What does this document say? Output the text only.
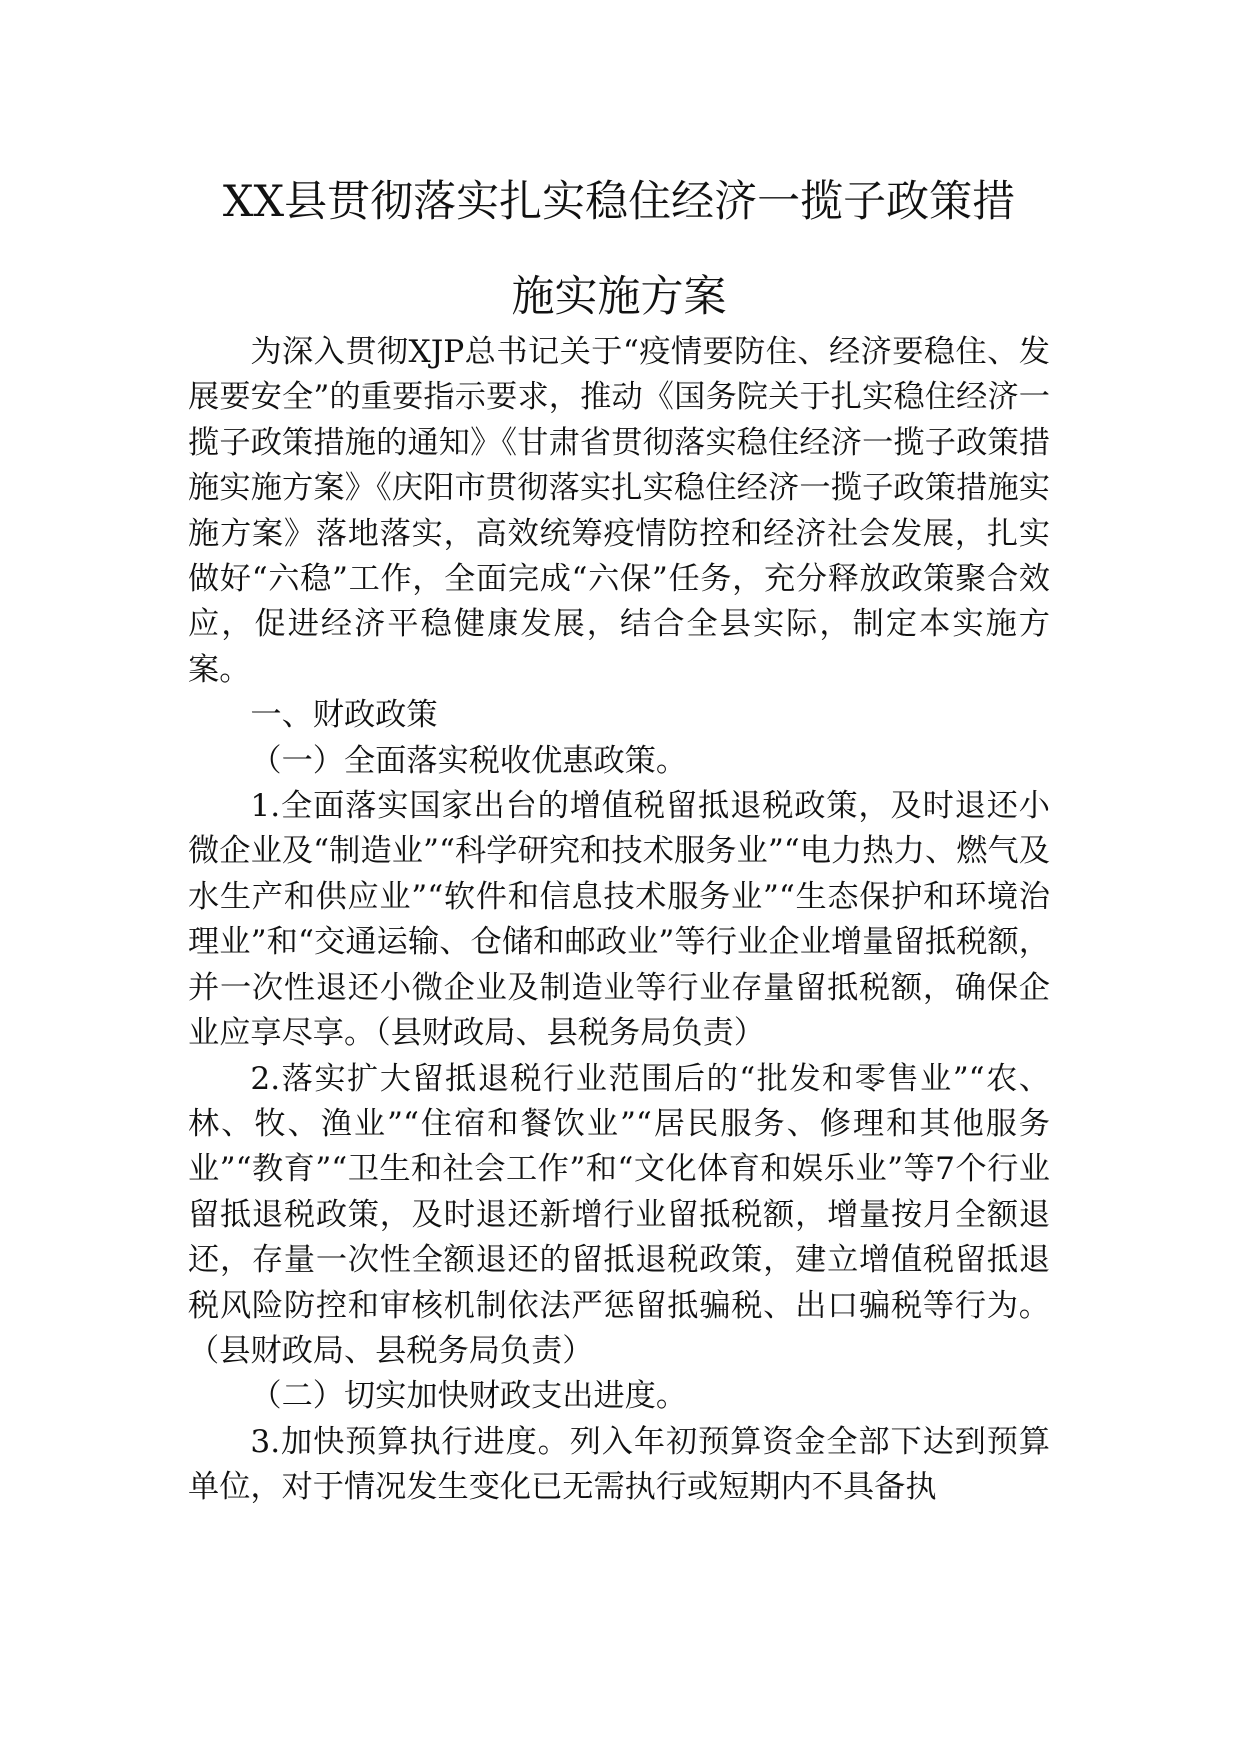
XX县贯彻落实扎实稳住经济一揽子政策措
施实施方案

为深入贯彻XJP总书记关于“疫情要防住、经济要稳住、发展要安全”的重要指示要求，推动《国务院关于扎实稳住经济一揽子政策措施的通知》《甘肃省贯彻落实稳住经济一揽子政策措施实施方案》《庆阳市贯彻落实扎实稳住经济一揽子政策措施实施方案》落地落实，高效统筹疫情防控和经济社会发展，扎实做好“六稳”工作，全面完成“六保”任务，充分释放政策聚合效应，促进经济平稳健康发展，结合全县实际，制定本实施方案。

一、财政政策

（一）全面落实税收优惠政策。

1.全面落实国家出台的增值税留抵退税政策，及时退还小微企业及“制造业”“科学研究和技术服务业”“电力热力、燃气及水生产和供应业”“软件和信息技术服务业”“生态保护和环境治理业”和“交通运输、仓储和邮政业”等行业企业增量留抵税额，并一次性退还小微企业及制造业等行业存量留抵税额，确保企业应享尽享。（县财政局、县税务局负责）

2.落实扩大留抵退税行业范围后的“批发和零售业”“农、林、牧、渔业”“住宿和餐饮业”“居民服务、修理和其他服务业”“教育”“卫生和社会工作”和“文化体育和娱乐业”等7个行业留抵退税政策，及时退还新增行业留抵税额，增量按月全额退还，存量一次性全额退还的留抵退税政策，建立增值税留抵退税风险防控和审核机制依法严惩留抵骗税、出口骗税等行为。（县财政局、县税务局负责）

（二）切实加快财政支出进度。

3.加快预算执行进度。列入年初预算资金全部下达到预算单位，对于情况发生变化已无需执行或短期内不具备执
